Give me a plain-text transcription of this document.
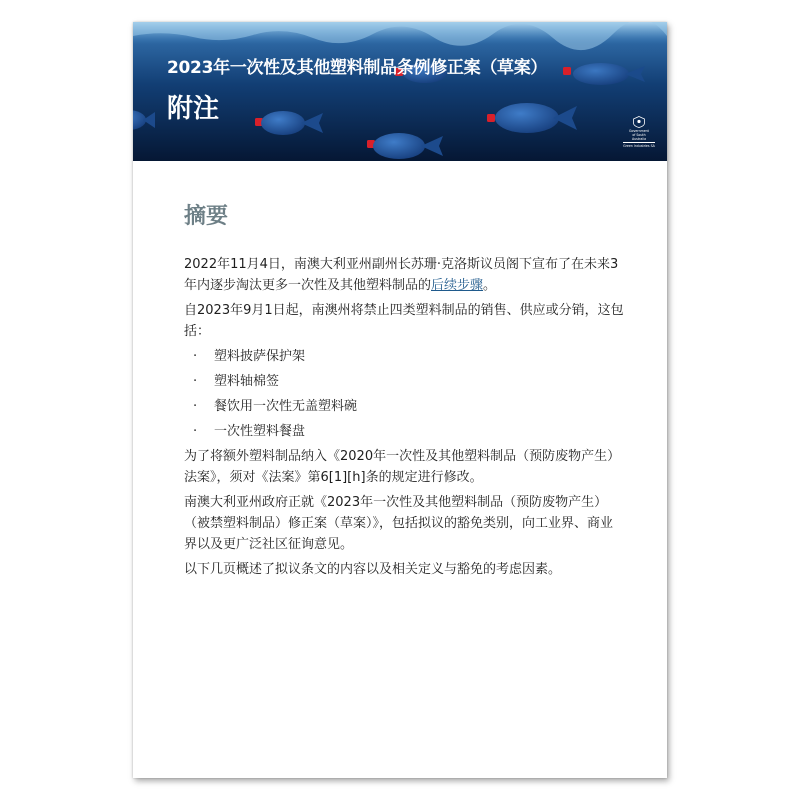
2023年一次性及其他塑料制品条例修正案（草案）
附注
Government
of South
Australia
Green Industries SA
摘要

2022年11月4日，南澳大利亚州副州长苏珊·克洛斯议员阁下宣布了在未来3年内逐步淘汰更多一次性及其他塑料制品的后续步骤。

自2023年9月1日起，南澳州将禁止四类塑料制品的销售、供应或分销，这包括：

· 塑料披萨保护架
· 塑料轴棉签
· 餐饮用一次性无盖塑料碗
· 一次性塑料餐盘

为了将额外塑料制品纳入《2020年一次性及其他塑料制品（预防废物产生）法案》，须对《法案》第6[1][h]条的规定进行修改。

南澳大利亚州政府正就《2023年一次性及其他塑料制品（预防废物产生）（被禁塑料制品）修正案（草案）》，包括拟议的豁免类别，向工业界、商业界以及更广泛社区征询意见。

以下几页概述了拟议条文的内容以及相关定义与豁免的考虑因素。
